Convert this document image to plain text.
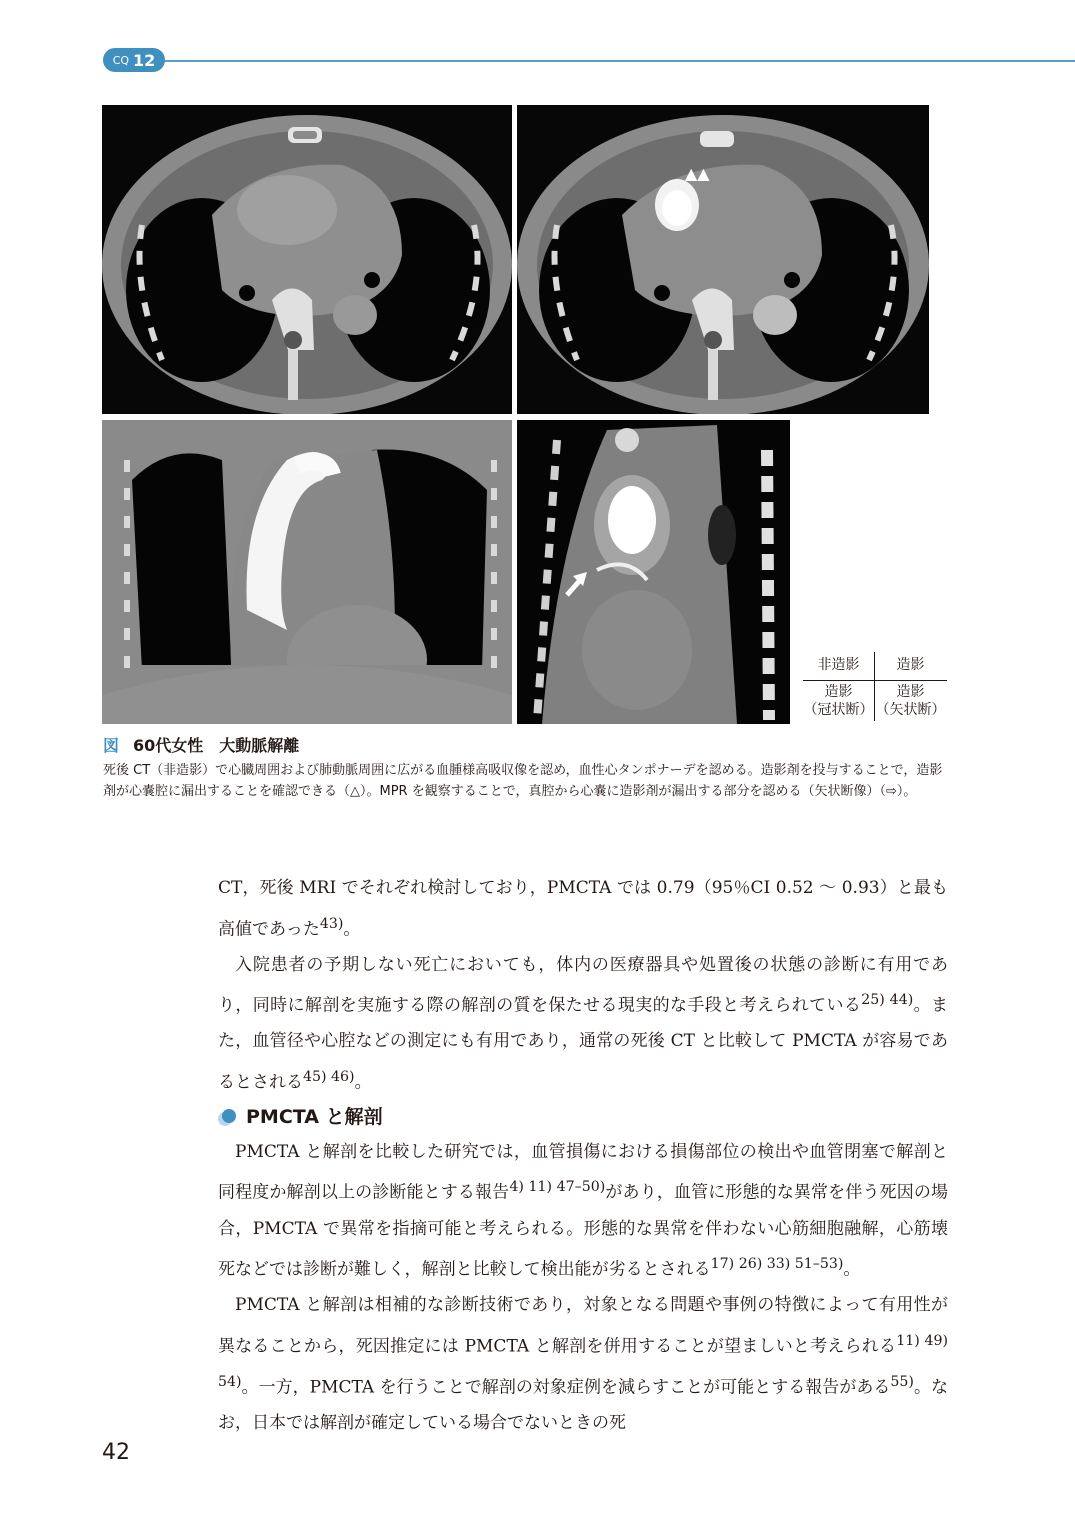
CQ 12
▲▲
非造影	造影
造影
（冠状断）
造影
（矢状断）
図 60代女性　大動脈解離
死後 CT（非造影）で心臓周囲および肺動脈周囲に広がる血腫様高吸収像を認め，血性心タンポナーデを認める。造影剤を投与することで，造影剤が心嚢腔に漏出することを確認できる（△）。MPR を観察することで，真腔から心嚢に造影剤が漏出する部分を認める（矢状断像）（⇨）。

CT，死後 MRI でそれぞれ検討しており，PMCTA では 0.79（95％CI 0.52 ～ 0.93）と最も高値であった$^{43)}$。

入院患者の予期しない死亡においても，体内の医療器具や処置後の状態の診断に有用であり，同時に解剖を実施する際の解剖の質を保たせる現実的な手段と考えられている$^{25) 44)}$。また，血管径や心腔などの測定にも有用であり，通常の死後 CT と比較して PMCTA が容易であるとされる$^{45) 46)}$。

PMCTA と解剖

PMCTA と解剖を比較した研究では，血管損傷における損傷部位の検出や血管閉塞で解剖と同程度か解剖以上の診断能とする報告$^{4) 11) 47-50)}$があり，血管に形態的な異常を伴う死因の場合，PMCTA で異常を指摘可能と考えられる。形態的な異常を伴わない心筋細胞融解，心筋壊死などでは診断が難しく，解剖と比較して検出能が劣るとされる$^{17) 26) 33) 51-53)}$。

PMCTA と解剖は相補的な診断技術であり，対象となる問題や事例の特徴によって有用性が異なることから，死因推定には PMCTA と解剖を併用することが望ましいと考えられる$^{11) 49) 54)}$。一方，PMCTA を行うことで解剖の対象症例を減らすことが可能とする報告がある$^{55)}$。なお，日本では解剖が確定している場合でないときの死

42
